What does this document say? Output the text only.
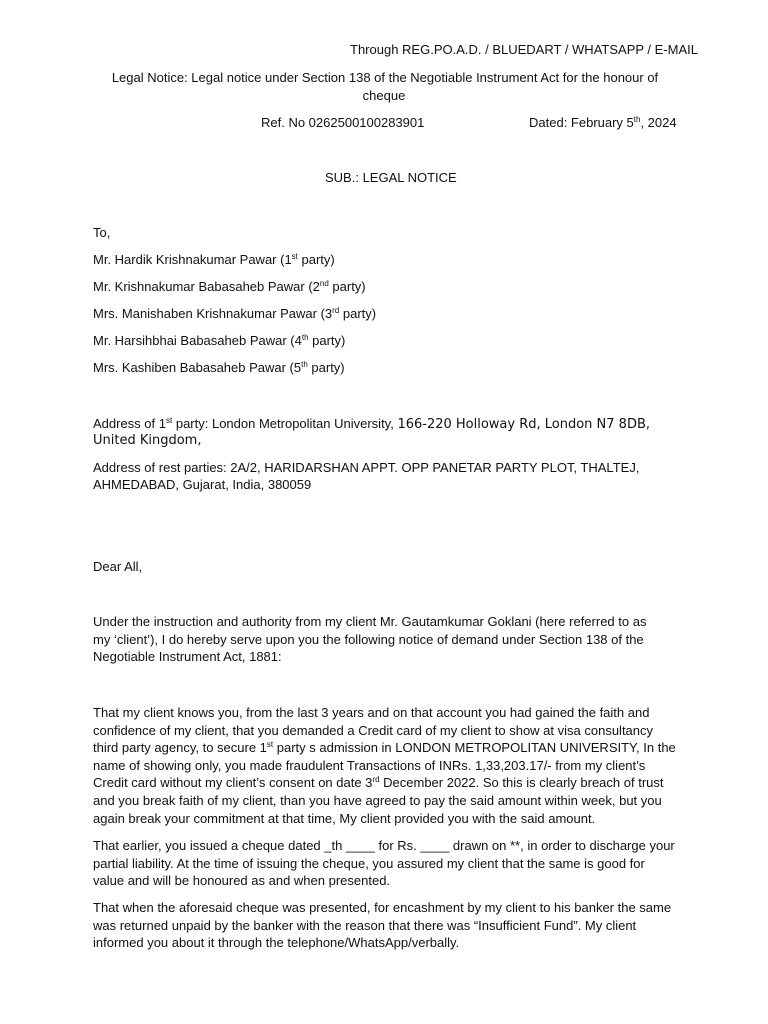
Through REG.PO.A.D. / BLUEDART / WHATSAPP / E-MAIL
Legal Notice: Legal notice under Section 138 of the Negotiable Instrument Act for the honour of
cheque
Ref. No 0262500100283901	Dated: February 5th, 2024
SUB.: LEGAL NOTICE
To,
Mr. Hardik Krishnakumar Pawar (1st party)
Mr. Krishnakumar Babasaheb Pawar (2nd party)
Mrs. Manishaben Krishnakumar Pawar (3rd party)
Mr. Harsihbhai Babasaheb Pawar (4th party)
Mrs. Kashiben Babasaheb Pawar (5th party)
Address of 1st party: London Metropolitan University, 166-220 Holloway Rd, London N7 8DB,
United Kingdom,
Address of rest parties: 2A/2, HARIDARSHAN APPT. OPP PANETAR PARTY PLOT, THALTEJ,
AHMEDABAD, Gujarat, India, 380059
Dear All,

Under the instruction and authority from my client Mr. Gautamkumar Goklani (here referred to as

my ‘client’), I do hereby serve upon you the following notice of demand under Section 138 of the

Negotiable Instrument Act, 1881:

That my client knows you, from the last 3 years and on that account you had gained the faith and

confidence of my client, that you demanded a Credit card of my client to show at visa consultancy

third party agency, to secure 1st party s admission in LONDON METROPOLITAN UNIVERSITY, In the

name of showing only, you made fraudulent Transactions of INRs. 1,33,203.17/- from my client’s

Credit card without my client’s consent on date 3rd December 2022. So this is clearly breach of trust

and you break faith of my client, than you have agreed to pay the said amount within week, but you

again break your commitment at that time, My client provided you with the said amount.

That earlier, you issued a cheque dated _th ____ for Rs. ____ drawn on **, in order to discharge your

partial liability. At the time of issuing the cheque, you assured my client that the same is good for

value and will be honoured as and when presented.

That when the aforesaid cheque was presented, for encashment by my client to his banker the same

was returned unpaid by the banker with the reason that there was “Insufficient Fund”. My client

informed you about it through the telephone/WhatsApp/verbally.
